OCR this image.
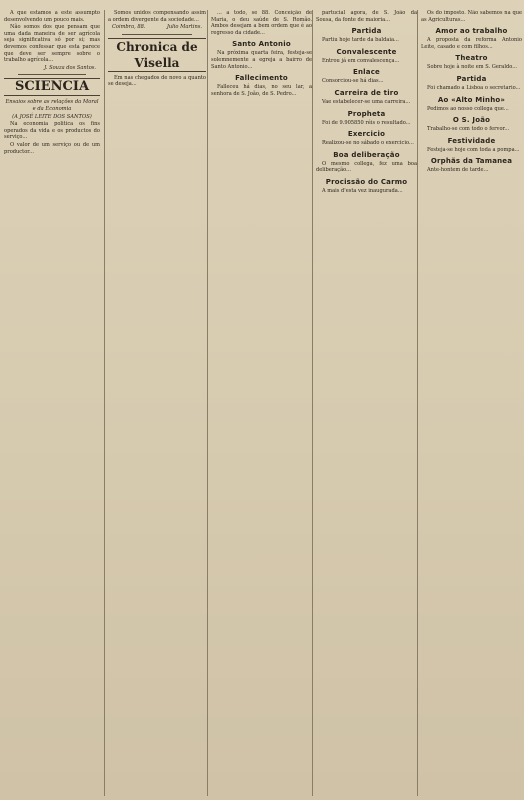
A que estamos a este assumpto desenvolvendo um pouco mais.

Não somos dos que pensam que uma dada maneira de ser agrícola seja significativa só por si; mas devemos confessar que esta parece que deve ser sempre sobre o trabalho agrícola...

J. Souza dos Santos.
SCIENCIA
Ensaios sobre as relações da Moral e da Economia
(A JOSÉ LEITE DOS SANTOS)

Na economia politica os fins operados da vida e os productos do serviço...

O valor de um serviço ou de um productor...

Somos unidos compensando assim a ordem divergente da sociedade...

Coimbra, 88.	Julio Martins.
Chronica de Visella

Em nas chegados de novo a quanto se deseja...

... a todo, se 88. Conceição de Maria, o deu saúde de S. Romão. Ambos desejam a bem ordem que é ao regresso da cidade...

Santo Antonio

Na próxima quarta feira, festeja-se solemnemente a egreja a bairro de Santo Antonio...

Fallecimento

Falleceu há dias, no seu lar, a senhora de S. João, de S. Pedro...

partucial agora, de S. João da Sousa, da fonte de maioria...

Partida

Partiu hoje tarde da baldaia...

Convalescente

Entrou já em convalescença...

Enlace

Consorciou-se há dias...

Carreira de tiro

Vae estabelecer-se uma carreira...

Propheta

Foi de 9.905850 réis o resultado...

Exercicio

Realizou-se no sábado o exercicio...

Boa deliberação

O mesmo collega, fez uma boa deliberação...

Procissão do Carmo

A mais d'esta vez inaugurada...

Os do imposto. Não sabemos na que as Agriculturas...

Amor ao trabalho

A proposta da reforma Antonio Leite, casado e com filhos...

Theatro

Sobre hoje à noite em S. Geraldo...

Partida

Foi chamado a Lisboa o secretario...

Ao «Alto Minho»

Pedimos ao nosso collega que...

O S. João

Trabalho-se com todo o fervor...

Festividade

Festeja-se hoje com toda a pompa...

Orphãs da Tamanea

Ante-hontem de tarde...
